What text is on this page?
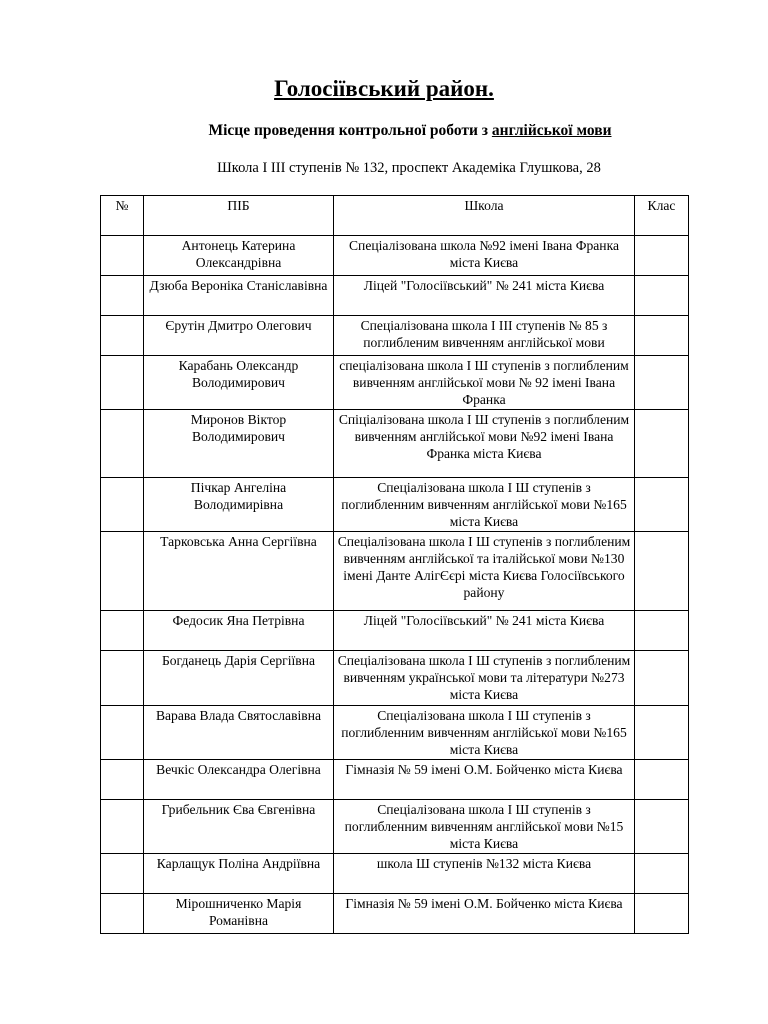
Голосіївський район.
Місце проведення контрольної роботи з англійської мови
Школа I III ступенів № 132, проспект Академіка Глушкова, 28
№	ПІБ	Школа	Клас
	Антонець Катерина Олександрівна	Спеціалізована школа №92 імені Івана Франка міста Києва	
	Дзюба Вероніка Станіславівна	Ліцей "Голосіївський" № 241 міста Києва	
	Єрутін Дмитро Олегович	Спеціалізована школа I III ступенів № 85 з поглибленим вивченням англійської мови	
	Карабань Олександр Володимирович	спеціалізована школа I Ш ступенів з поглибленим вивченням англійської мови № 92 імені Івана Франка	
	Миронов Віктор Володимирович	Спіціалізована школа I Ш ступенів з поглибленим вивченням англійської мови №92 імені Івана Франка міста Києва	
	Пічкар Ангеліна Володимирівна	Спеціалізована школа I Ш ступенів з поглибленним вивченням англійської мови №165 міста Києва	
	Тарковська Анна Сергіївна	Спеціалізована школа I Ш ступенів з поглибленим вивченням англійської та італійської мови №130 імені Данте АлігЄєрі міста Києва Голосіївського району	
	Федосик Яна Петрівна	Ліцей "Голосіївський" № 241 міста Києва	
	Богданець Дарія Сергіївна	Спеціалізована школа I Ш ступенів з поглибленим вивченням української мови та літератури №273 міста Києва	
	Варава Влада Святославівна	Спеціалізована школа I Ш ступенів з поглибленним вивченням англійської мови №165 міста Києва	
	Вечкіс Олександра Олегівна	Гімназія № 59 імені О.М. Бойченко міста Києва	
	Грибельник Єва Євгенівна	Спеціалізована школа I Ш ступенів з поглибленним вивченням англійської мови №15 міста Києва	
	Карлащук Поліна Андріївна	школа Ш ступенів №132 міста Києва	
	Мірошниченко Марія Романівна	Гімназія № 59 імені О.М. Бойченко міста Києва	
